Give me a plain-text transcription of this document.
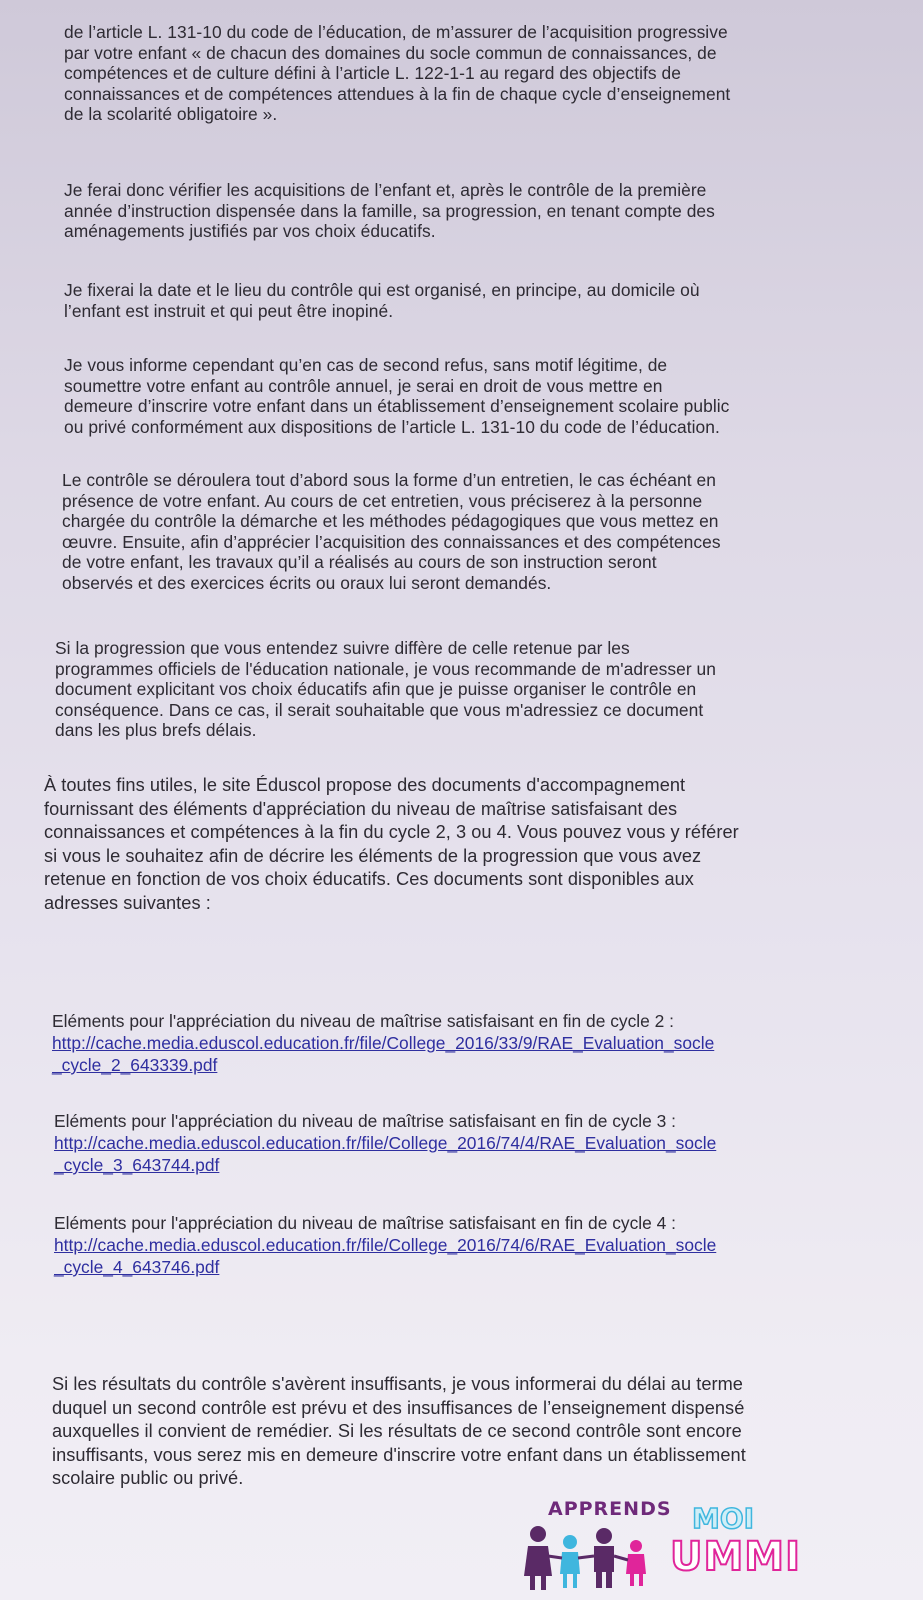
de l’article L. 131-10 du code de l’éducation, de m’assurer de l’acquisition progressive
par votre enfant « de chacun des domaines du socle commun de connaissances, de
compétences et de culture défini à l’article L. 122-1-1 au regard des objectifs de
connaissances et de compétences attendues à la fin de chaque cycle d’enseignement
de la scolarité obligatoire ».

Je ferai donc vérifier les acquisitions de l’enfant et, après le contrôle de la première
année d’instruction dispensée dans la famille, sa progression, en tenant compte des
aménagements justifiés par vos choix éducatifs.

Je fixerai la date et le lieu du contrôle qui est organisé, en principe, au domicile où
l’enfant est instruit et qui peut être inopiné.

Je vous informe cependant qu’en cas de second refus, sans motif légitime, de
soumettre votre enfant au contrôle annuel, je serai en droit de vous mettre en
demeure d’inscrire votre enfant dans un établissement d’enseignement scolaire public
ou privé conformément aux dispositions de l’article L. 131-10 du code de l’éducation.

Le contrôle se déroulera tout d’abord sous la forme d’un entretien, le cas échéant en
présence de votre enfant. Au cours de cet entretien, vous préciserez à la personne
chargée du contrôle la démarche et les méthodes pédagogiques que vous mettez en
œuvre. Ensuite, afin d’apprécier l’acquisition des connaissances et des compétences
de votre enfant, les travaux qu’il a réalisés au cours de son instruction seront
observés et des exercices écrits ou oraux lui seront demandés.

Si la progression que vous entendez suivre diffère de celle retenue par les
programmes officiels de l'éducation nationale, je vous recommande de m'adresser un
document explicitant vos choix éducatifs afin que je puisse organiser le contrôle en
conséquence. Dans ce cas, il serait souhaitable que vous m'adressiez ce document
dans les plus brefs délais.

À toutes fins utiles, le site Éduscol propose des documents d'accompagnement
fournissant des éléments d'appréciation du niveau de maîtrise satisfaisant des
connaissances et compétences à la fin du cycle 2, 3 ou 4. Vous pouvez vous y référer
si vous le souhaitez afin de décrire les éléments de la progression que vous avez
retenue en fonction de vos choix éducatifs. Ces documents sont disponibles aux
adresses suivantes :

Eléments pour l'appréciation du niveau de maîtrise satisfaisant en fin de cycle 2 :
http://cache.media.eduscol.education.fr/file/College_2016/33/9/RAE_Evaluation_socle
_cycle_2_643339.pdf
Eléments pour l'appréciation du niveau de maîtrise satisfaisant en fin de cycle 3 :
http://cache.media.eduscol.education.fr/file/College_2016/74/4/RAE_Evaluation_socle
_cycle_3_643744.pdf
Eléments pour l'appréciation du niveau de maîtrise satisfaisant en fin de cycle 4 :
http://cache.media.eduscol.education.fr/file/College_2016/74/6/RAE_Evaluation_socle
_cycle_4_643746.pdf

Si les résultats du contrôle s'avèrent insuffisants, je vous informerai du délai au terme
duquel un second contrôle est prévu et des insuffisances de l’enseignement dispensé
auxquelles il convient de remédier. Si les résultats de ce second contrôle sont encore
insuffisants, vous serez mis en demeure d'inscrire votre enfant dans un établissement
scolaire public ou privé.

APPRENDS MOI
UMMI
